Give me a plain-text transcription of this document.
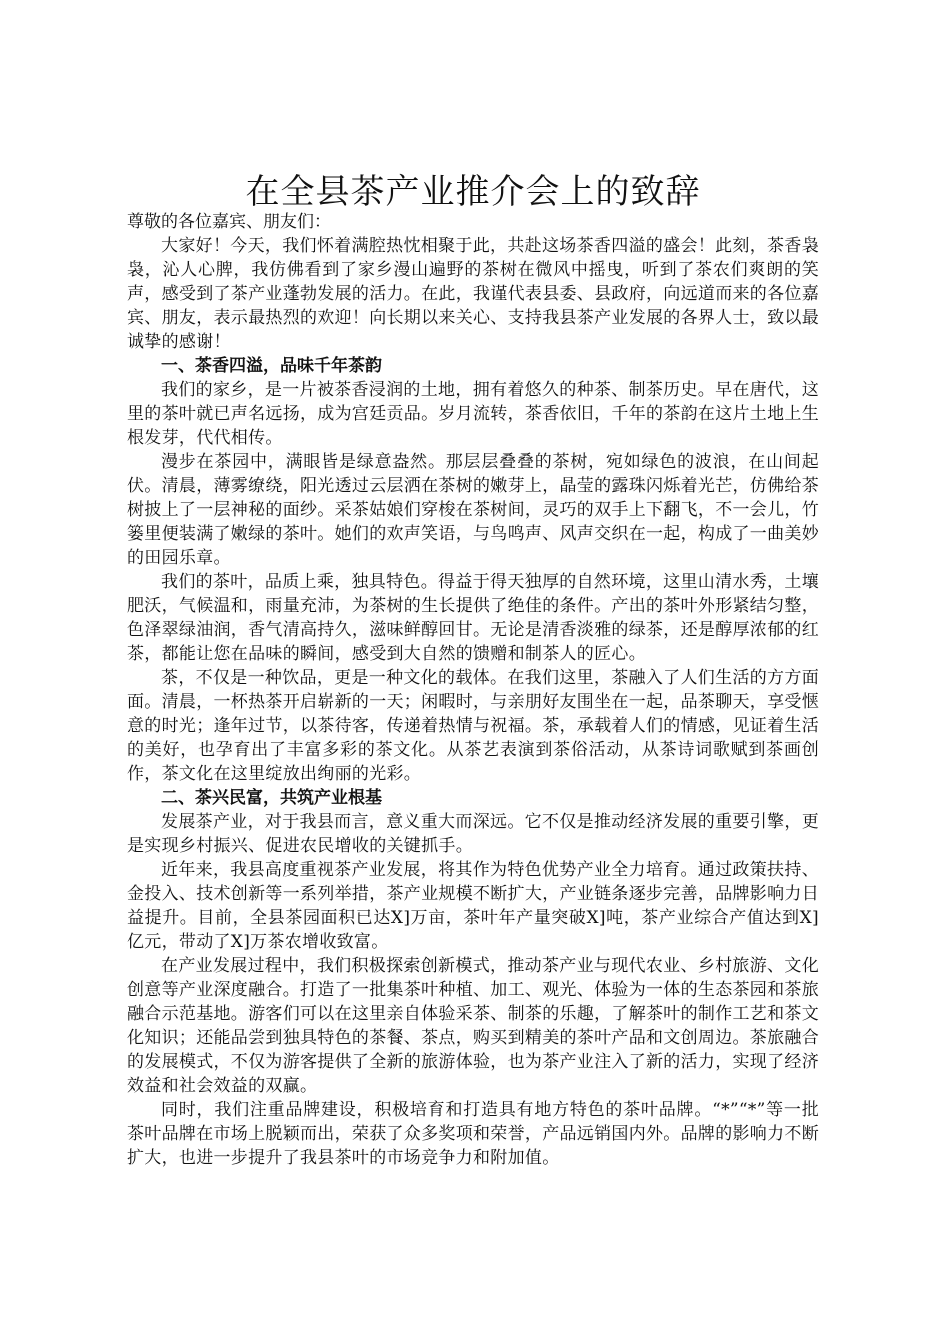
在全县茶产业推介会上的致辞

尊敬的各位嘉宾、朋友们：

大家好！今天，我们怀着满腔热忱相聚于此，共赴这场茶香四溢的盛会！此刻，茶香袅袅，沁人心脾，我仿佛看到了家乡漫山遍野的茶树在微风中摇曳，听到了茶农们爽朗的笑声，感受到了茶产业蓬勃发展的活力。在此，我谨代表县委、县政府，向远道而来的各位嘉宾、朋友，表示最热烈的欢迎！向长期以来关心、支持我县茶产业发展的各界人士，致以最诚挚的感谢！

一、茶香四溢，品味千年茶韵

我们的家乡，是一片被茶香浸润的土地，拥有着悠久的种茶、制茶历史。早在唐代，这里的茶叶就已声名远扬，成为宫廷贡品。岁月流转，茶香依旧，千年的茶韵在这片土地上生根发芽，代代相传。

漫步在茶园中，满眼皆是绿意盎然。那层层叠叠的茶树，宛如绿色的波浪，在山间起伏。清晨，薄雾缭绕，阳光透过云层洒在茶树的嫩芽上，晶莹的露珠闪烁着光芒，仿佛给茶树披上了一层神秘的面纱。采茶姑娘们穿梭在茶树间，灵巧的双手上下翻飞，不一会儿，竹篓里便装满了嫩绿的茶叶。她们的欢声笑语，与鸟鸣声、风声交织在一起，构成了一曲美妙的田园乐章。

我们的茶叶，品质上乘，独具特色。得益于得天独厚的自然环境，这里山清水秀，土壤肥沃，气候温和，雨量充沛，为茶树的生长提供了绝佳的条件。产出的茶叶外形紧结匀整，色泽翠绿油润，香气清高持久，滋味鲜醇回甘。无论是清香淡雅的绿茶，还是醇厚浓郁的红茶，都能让您在品味的瞬间，感受到大自然的馈赠和制茶人的匠心。

茶，不仅是一种饮品，更是一种文化的载体。在我们这里，茶融入了人们生活的方方面面。清晨，一杯热茶开启崭新的一天；闲暇时，与亲朋好友围坐在一起，品茶聊天，享受惬意的时光；逢年过节，以茶待客，传递着热情与祝福。茶，承载着人们的情感，见证着生活的美好，也孕育出了丰富多彩的茶文化。从茶艺表演到茶俗活动，从茶诗词歌赋到茶画创作，茶文化在这里绽放出绚丽的光彩。

二、茶兴民富，共筑产业根基

发展茶产业，对于我县而言，意义重大而深远。它不仅是推动经济发展的重要引擎，更是实现乡村振兴、促进农民增收的关键抓手。

近年来，我县高度重视茶产业发展，将其作为特色优势产业全力培育。通过政策扶持、金投入、技术创新等一系列举措，茶产业规模不断扩大，产业链条逐步完善，品牌影响力日益提升。目前，全县茶园面积已达X]万亩，茶叶年产量突破X]吨，茶产业综合产值达到X]亿元，带动了X]万茶农增收致富。

在产业发展过程中，我们积极探索创新模式，推动茶产业与现代农业、乡村旅游、文化创意等产业深度融合。打造了一批集茶叶种植、加工、观光、体验为一体的生态茶园和茶旅融合示范基地。游客们可以在这里亲自体验采茶、制茶的乐趣，了解茶叶的制作工艺和茶文化知识；还能品尝到独具特色的茶餐、茶点，购买到精美的茶叶产品和文创周边。茶旅融合的发展模式，不仅为游客提供了全新的旅游体验，也为茶产业注入了新的活力，实现了经济效益和社会效益的双赢。

同时，我们注重品牌建设，积极培育和打造具有地方特色的茶叶品牌。“*”“*”等一批茶叶品牌在市场上脱颖而出，荣获了众多奖项和荣誉，产品远销国内外。品牌的影响力不断扩大，也进一步提升了我县茶叶的市场竞争力和附加值。
